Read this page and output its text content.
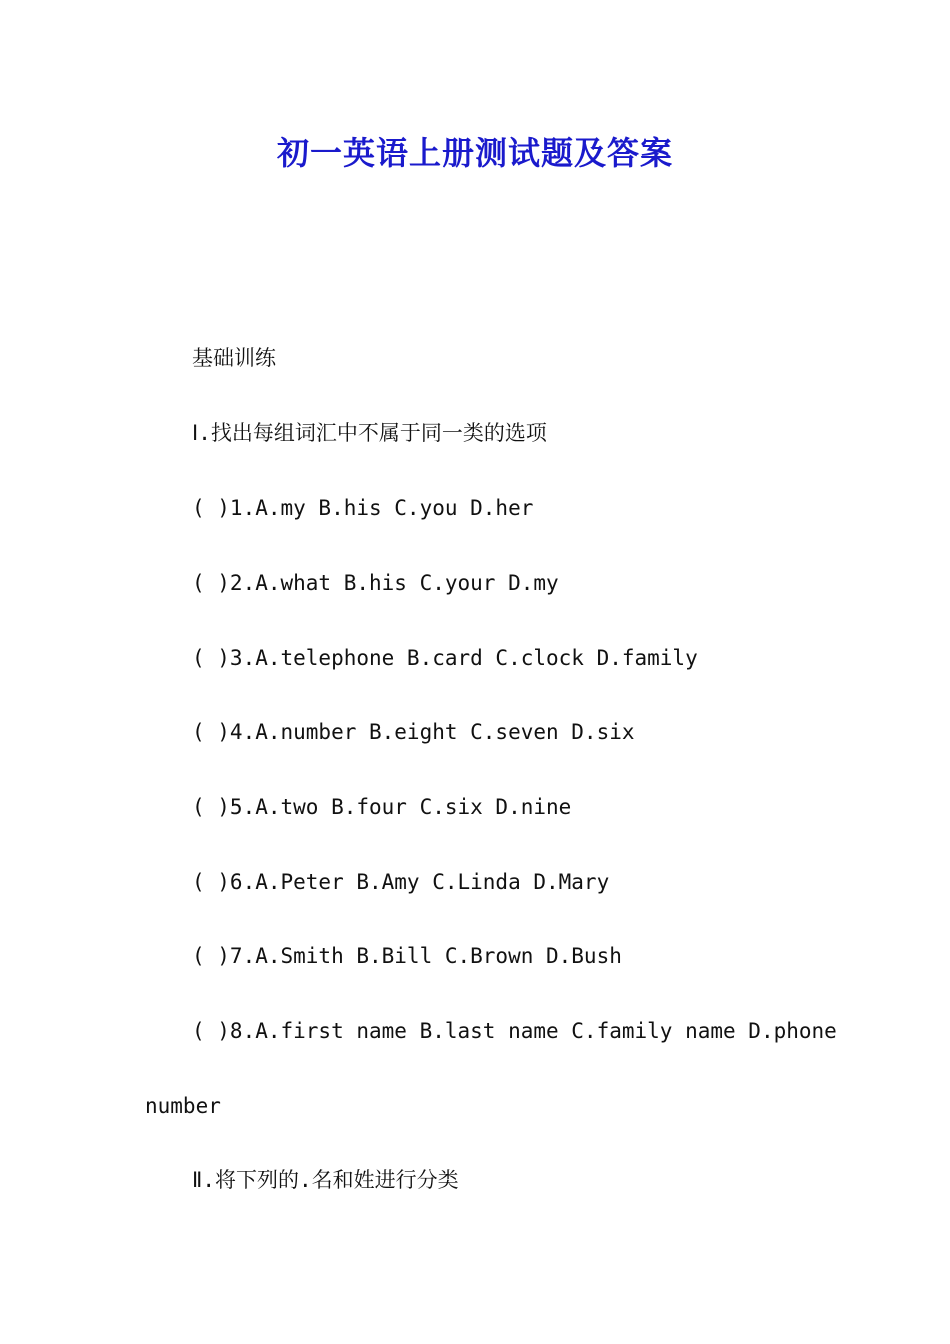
初一英语上册测试题及答案
基础训练
Ⅰ.找出每组词汇中不属于同一类的选项
( )1.A.my B.his C.you D.her
( )2.A.what B.his C.your D.my
( )3.A.telephone B.card C.clock D.family
( )4.A.number B.eight C.seven D.six
( )5.A.two B.four C.six D.nine
( )6.A.Peter B.Amy C.Linda D.Mary
( )7.A.Smith B.Bill C.Brown D.Bush
( )8.A.first name B.last name C.family name D.phone
number
Ⅱ.将下列的.名和姓进行分类
